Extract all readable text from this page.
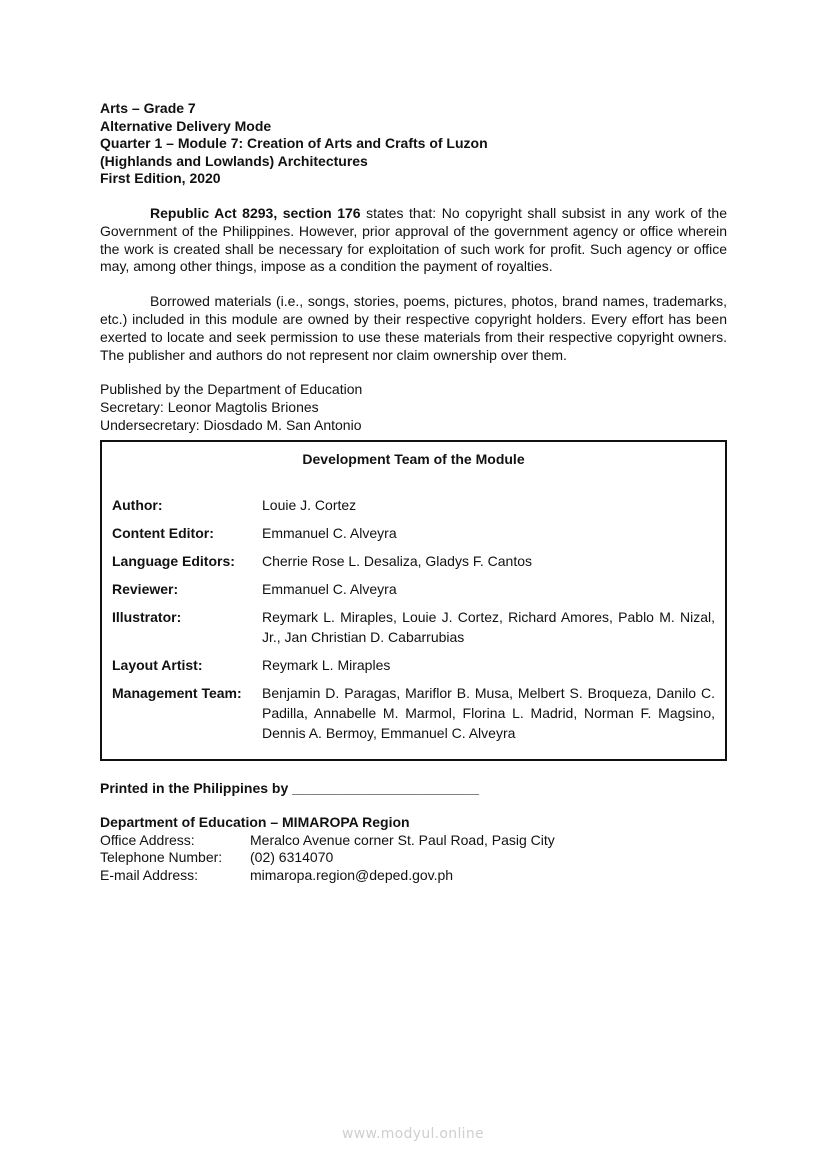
Arts – Grade 7
Alternative Delivery Mode
Quarter 1 – Module 7: Creation of Arts and Crafts of Luzon
(Highlands and Lowlands) Architectures
First Edition, 2020

Republic Act 8293, section 176 states that: No copyright shall subsist in any work of the Government of the Philippines. However, prior approval of the government agency or office wherein the work is created shall be necessary for exploitation of such work for profit. Such agency or office may, among other things, impose as a condition the payment of royalties.

Borrowed materials (i.e., songs, stories, poems, pictures, photos, brand names, trademarks, etc.) included in this module are owned by their respective copyright holders. Every effort has been exerted to locate and seek permission to use these materials from their respective copyright owners. The publisher and authors do not represent nor claim ownership over them.

Published by the Department of Education
Secretary: Leonor Magtolis Briones
Undersecretary: Diosdado M. San Antonio
Development Team of the Module
Author:	Louie J. Cortez
Content Editor:	Emmanuel C. Alveyra
Language Editors:	Cherrie Rose L. Desaliza, Gladys F. Cantos
Reviewer:	Emmanuel C. Alveyra
Illustrator:	Reymark L. Miraples, Louie J. Cortez, Richard Amores, Pablo M. Nizal, Jr., Jan Christian D. Cabarrubias
Layout Artist:	Reymark L. Miraples
Management Team:	Benjamin D. Paragas, Mariflor B. Musa, Melbert S. Broqueza, Danilo C. Padilla, Annabelle M. Marmol, Florina L. Madrid, Norman F. Magsino, Dennis A. Bermoy, Emmanuel C. Alveyra
Printed in the Philippines by ________________________
Department of Education – MIMAROPA Region
Office Address:	Meralco Avenue corner St. Paul Road, Pasig City
Telephone Number:	(02) 6314070
E-mail Address:	mimaropa.region@deped.gov.ph
www.modyul.online
